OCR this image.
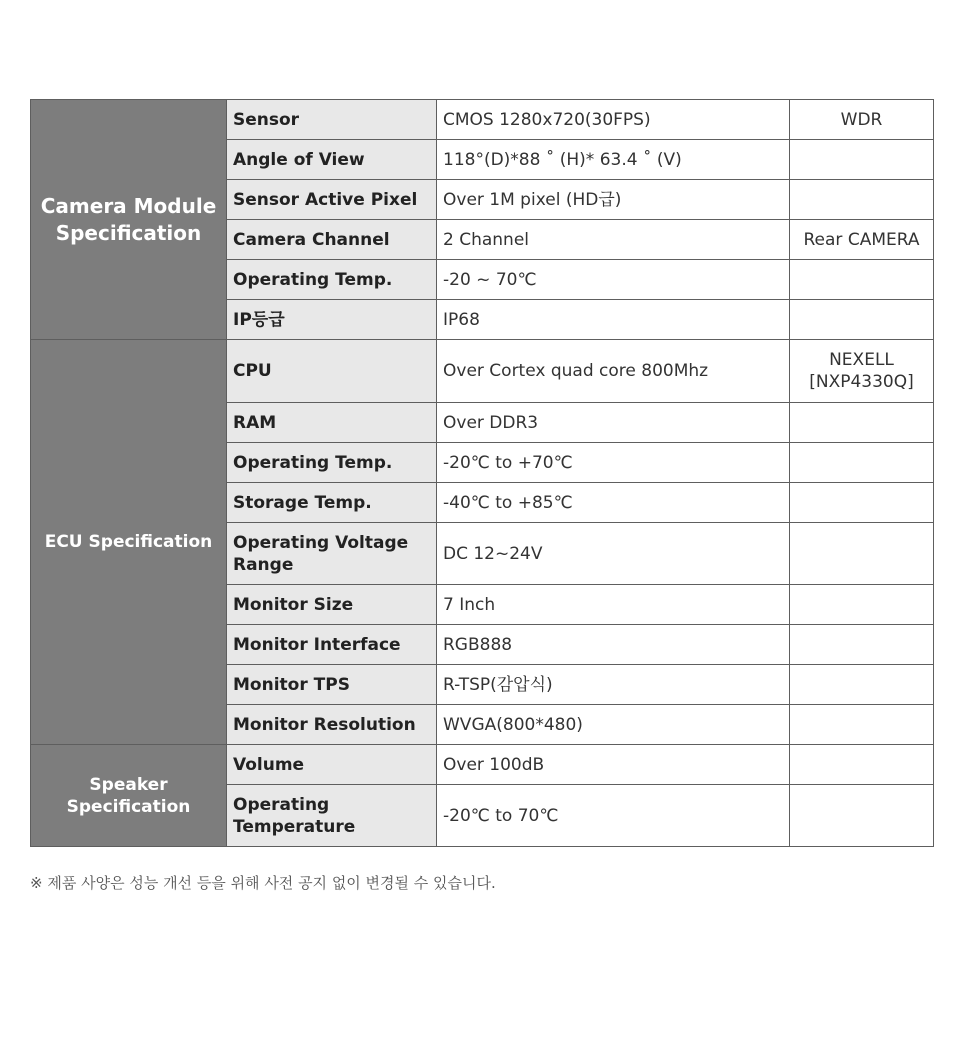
Camera Module Specification	Sensor	CMOS 1280x720(30FPS)	WDR
	Angle of View	118°(D)*88 ˚ (H)* 63.4 ˚ (V)	
	Sensor Active Pixel	Over 1M pixel (HD급)	
	Camera Channel	2 Channel	Rear CAMERA
	Operating Temp.	-20 ~ 70℃	
	IP등급	IP68	
ECU Specification	CPU	Over Cortex quad core 800Mhz	NEXELL [NXP4330Q]
	RAM	Over DDR3	
	Operating Temp.	-20℃ to +70℃	
	Storage Temp.	-40℃ to +85℃	
	Operating Voltage Range	DC 12~24V	
	Monitor Size	7 Inch	
	Monitor Interface	RGB888	
	Monitor TPS	R-TSP(감압식)	
	Monitor Resolution	WVGA(800*480)	
Speaker Specification	Volume	Over 100dB	
	Operating Temperature	-20℃ to 70℃	

※ 제품 사양은 성능 개선 등을 위해 사전 공지 없이 변경될 수 있습니다.
